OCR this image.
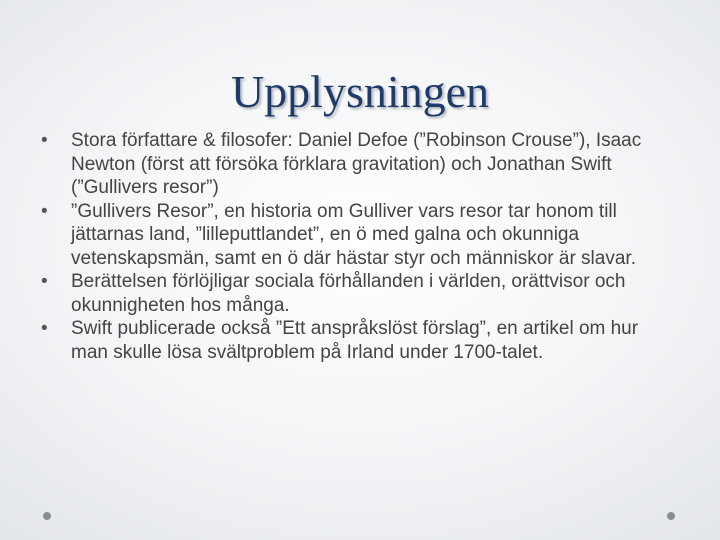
Upplysningen
• Stora författare & filosofer: Daniel Defoe (”Robinson Crouse”), Isaac Newton (först att försöka förklara gravitation) och Jonathan Swift (”Gullivers resor”)
• ”Gullivers Resor”, en historia om Gulliver vars resor tar honom till jättarnas land, ”lilleputtlandet”, en ö med galna och okunniga vetenskapsmän, samt en ö där hästar styr och människor är slavar.
• Berättelsen förlöjligar sociala förhållanden i världen, orättvisor och okunnigheten hos många.
• Swift publicerade också ”Ett anspråkslöst förslag”, en artikel om hur man skulle lösa svältproblem på Irland under 1700-talet.
